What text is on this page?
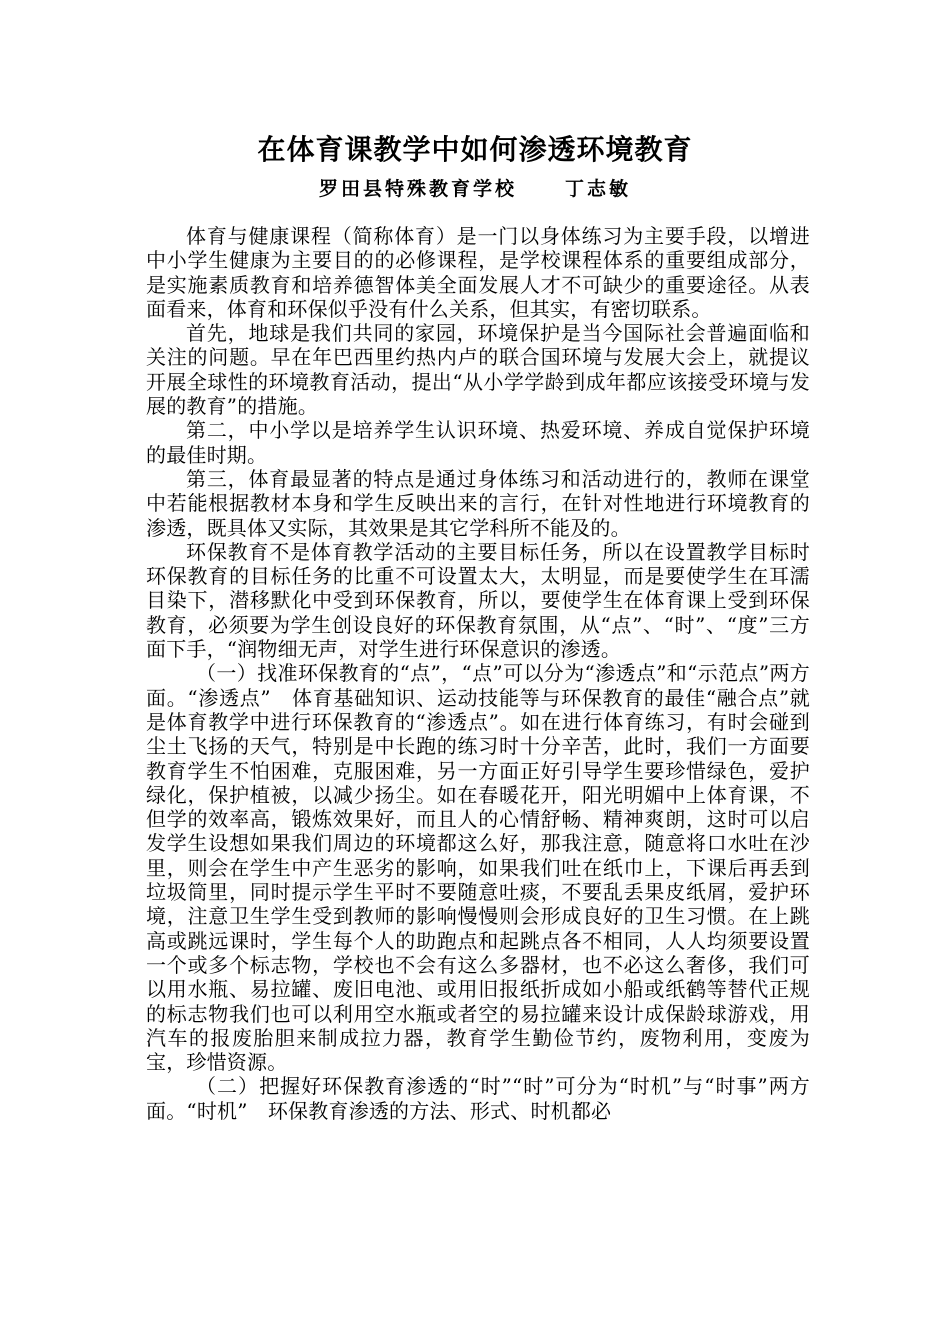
在体育课教学中如何渗透环境教育
罗田县特殊教育学校	丁志敏

体育与健康课程（简称体育）是一门以身体练习为主要手段，以增进中小学生健康为主要目的的必修课程，是学校课程体系的重要组成部分，是实施素质教育和培养德智体美全面发展人才不可缺少的重要途径。从表面看来，体育和环保似乎没有什么关系，但其实，有密切联系。

首先，地球是我们共同的家园，环境保护是当今国际社会普遍面临和关注的问题。早在年巴西里约热内卢的联合国环境与发展大会上，就提议开展全球性的环境教育活动，提出“从小学学龄到成年都应该接受环境与发展的教育”的措施。

第二，中小学以是培养学生认识环境、热爱环境、养成自觉保护环境的最佳时期。

第三，体育最显著的特点是通过身体练习和活动进行的，教师在课堂中若能根据教材本身和学生反映出来的言行，在针对性地进行环境教育的渗透，既具体又实际，其效果是其它学科所不能及的。

环保教育不是体育教学活动的主要目标任务，所以在设置教学目标时环保教育的目标任务的比重不可设置太大，太明显，而是要使学生在耳濡目染下，潜移默化中受到环保教育，所以，要使学生在体育课上受到环保教育，必须要为学生创设良好的环保教育氛围，从“点”、“时”、“度”三方面下手，“润物细无声，对学生进行环保意识的渗透。

（一）找准环保教育的“点”，“点”可以分为“渗透点”和“示范点”两方面。“渗透点”　体育基础知识、运动技能等与环保教育的最佳“融合点”就是体育教学中进行环保教育的“渗透点”。如在进行体育练习，有时会碰到尘土飞扬的天气，特别是中长跑的练习时十分辛苦，此时，我们一方面要教育学生不怕困难，克服困难，另一方面正好引导学生要珍惜绿色，爱护绿化，保护植被，以减少扬尘。如在春暖花开，阳光明媚中上体育课，不但学的效率高，锻炼效果好，而且人的心情舒畅、精神爽朗，这时可以启发学生设想如果我们周边的环境都这么好，那我注意，随意将口水吐在沙里，则会在学生中产生恶劣的影响，如果我们吐在纸巾上，下课后再丢到垃圾筒里，同时提示学生平时不要随意吐痰，不要乱丢果皮纸屑，爱护环境，注意卫生学生受到教师的影响慢慢则会形成良好的卫生习惯。在上跳高或跳远课时，学生每个人的助跑点和起跳点各不相同，人人均须要设置一个或多个标志物，学校也不会有这么多器材，也不必这么奢侈，我们可以用水瓶、易拉罐、废旧电池、或用旧报纸折成如小船或纸鹤等替代正规的标志物我们也可以利用空水瓶或者空的易拉罐来设计成保龄球游戏，用汽车的报废胎胆来制成拉力器，教育学生勤俭节约，废物利用，变废为宝，珍惜资源。

（二）把握好环保教育渗透的“时”“时”可分为“时机”与“时事”两方面。“时机”　环保教育渗透的方法、形式、时机都必
